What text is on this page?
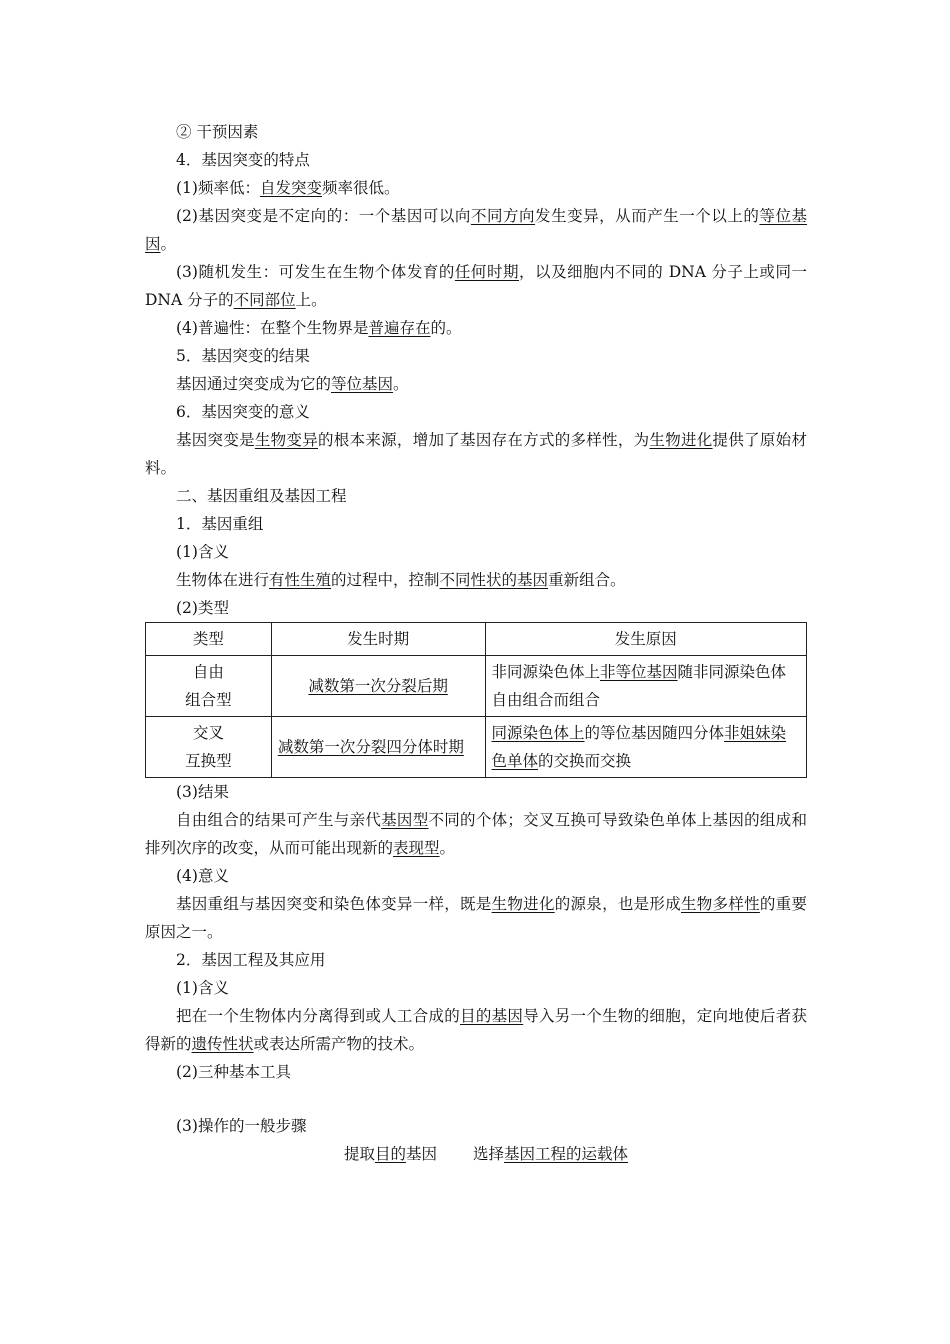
② 干预因素
4．基因突变的特点
(1)频率低：自发突变频率很低。
(2)基因突变是不定向的：一个基因可以向不同方向发生变异，从而产生一个以上的等位基因。
(3)随机发生：可发生在生物个体发育的任何时期，以及细胞内不同的 DNA 分子上或同一 DNA 分子的不同部位上。
(4)普遍性：在整个生物界是普遍存在的。
5．基因突变的结果
基因通过突变成为它的等位基因。
6．基因突变的意义
基因突变是生物变异的根本来源，增加了基因存在方式的多样性，为生物进化提供了原始材料。
二、基因重组及基因工程
1．基因重组
(1)含义
生物体在进行有性生殖的过程中，控制不同性状的基因重新组合。
(2)类型
类型	发生时期	发生原因

自由
组合型	减数第一次分裂后期	非同源染色体上非等位基因随非同源染色体自由组合而组合

交叉
互换型	减数第一次分裂四分体时期	同源染色体上的等位基因随四分体非姐妹染色单体的交换而交换
(3)结果
自由组合的结果可产生与亲代基因型不同的个体；交叉互换可导致染色单体上基因的组成和排列次序的改变，从而可能出现新的表现型。
(4)意义
基因重组与基因突变和染色体变异一样，既是生物进化的源泉，也是形成生物多样性的重要原因之一。
2．基因工程及其应用
(1)含义
把在一个生物体内分离得到或人工合成的目的基因导入另一个生物的细胞，定向地使后者获得新的遗传性状或表达所需产物的技术。
(2)三种基本工具
(3)操作的一般步骤
提取目的基因 选择基因工程的运载体
